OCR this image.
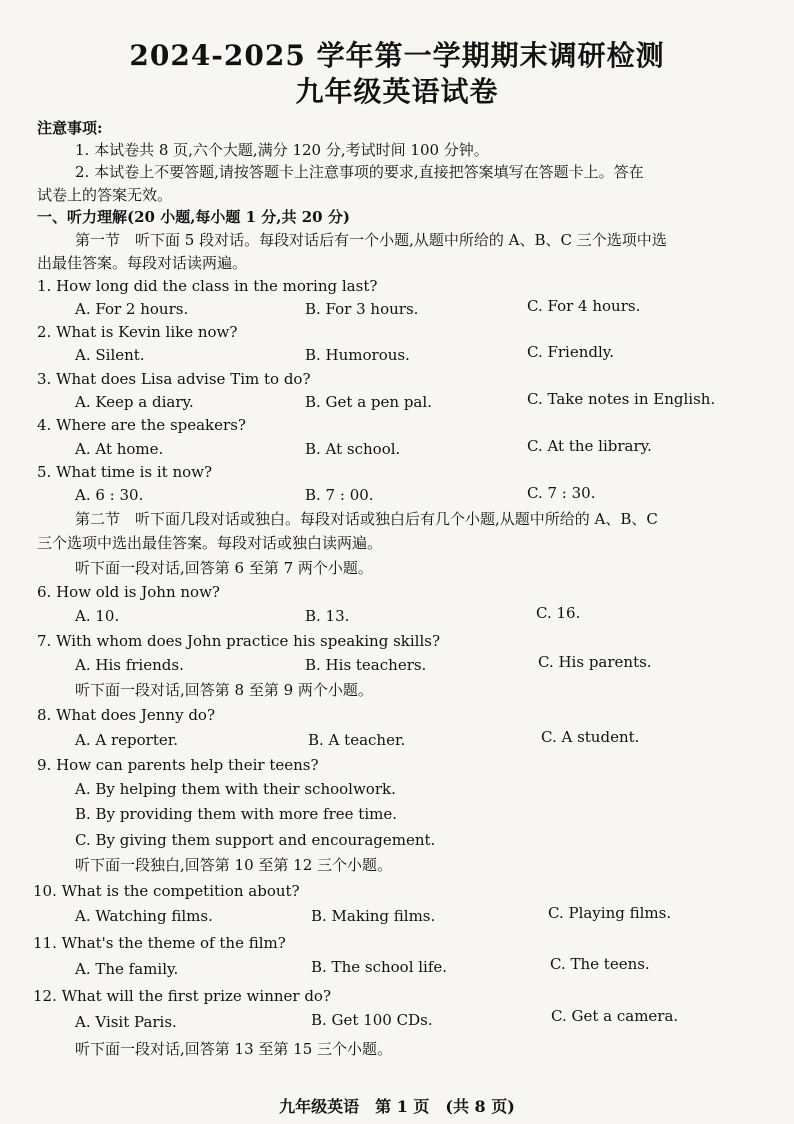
2024-2025 学年第一学期期末调研检测
九年级英语试卷
注意事项:
1. 本试卷共 8 页,六个大题,满分 120 分,考试时间 100 分钟。
2. 本试卷上不要答题,请按答题卡上注意事项的要求,直接把答案填写在答题卡上。答在
试卷上的答案无效。
一、听力理解(20 小题,每小题 1 分,共 20 分)
第一节　听下面 5 段对话。每段对话后有一个小题,从题中所给的 A、B、C 三个选项中选
出最佳答案。每段对话读两遍。
1. How long did the class in the moring last?
A. For 2 hours.	B. For 3 hours.	C. For 4 hours.
2. What is Kevin like now?
A. Silent.	B. Humorous.	C. Friendly.
3. What does Lisa advise Tim to do?
A. Keep a diary.	B. Get a pen pal.	C. Take notes in English.
4. Where are the speakers?
A. At home.	B. At school.	C. At the library.
5. What time is it now?
A. 6 : 30.	B. 7 : 00.	C. 7 : 30.
第二节　听下面几段对话或独白。每段对话或独白后有几个小题,从题中所给的 A、B、C
三个选项中选出最佳答案。每段对话或独白读两遍。
听下面一段对话,回答第 6 至第 7 两个小题。
6. How old is John now?
A. 10.	B. 13.	C. 16.
7. With whom does John practice his speaking skills?
A. His friends.	B. His teachers.	C. His parents.
听下面一段对话,回答第 8 至第 9 两个小题。
8. What does Jenny do?
A. A reporter.	B. A teacher.	C. A student.
9. How can parents help their teens?
A. By helping them with their schoolwork.
B. By providing them with more free time.
C. By giving them support and encouragement.
听下面一段独白,回答第 10 至第 12 三个小题。
10. What is the competition about?
A. Watching films.	B. Making films.	C. Playing films.
11. What's the theme of the film?
A. The family.	B. The school life.	C. The teens.
12. What will the first prize winner do?
A. Visit Paris.	B. Get 100 CDs.	C. Get a camera.
听下面一段对话,回答第 13 至第 15 三个小题。
九年级英语　第 1 页　(共 8 页)
